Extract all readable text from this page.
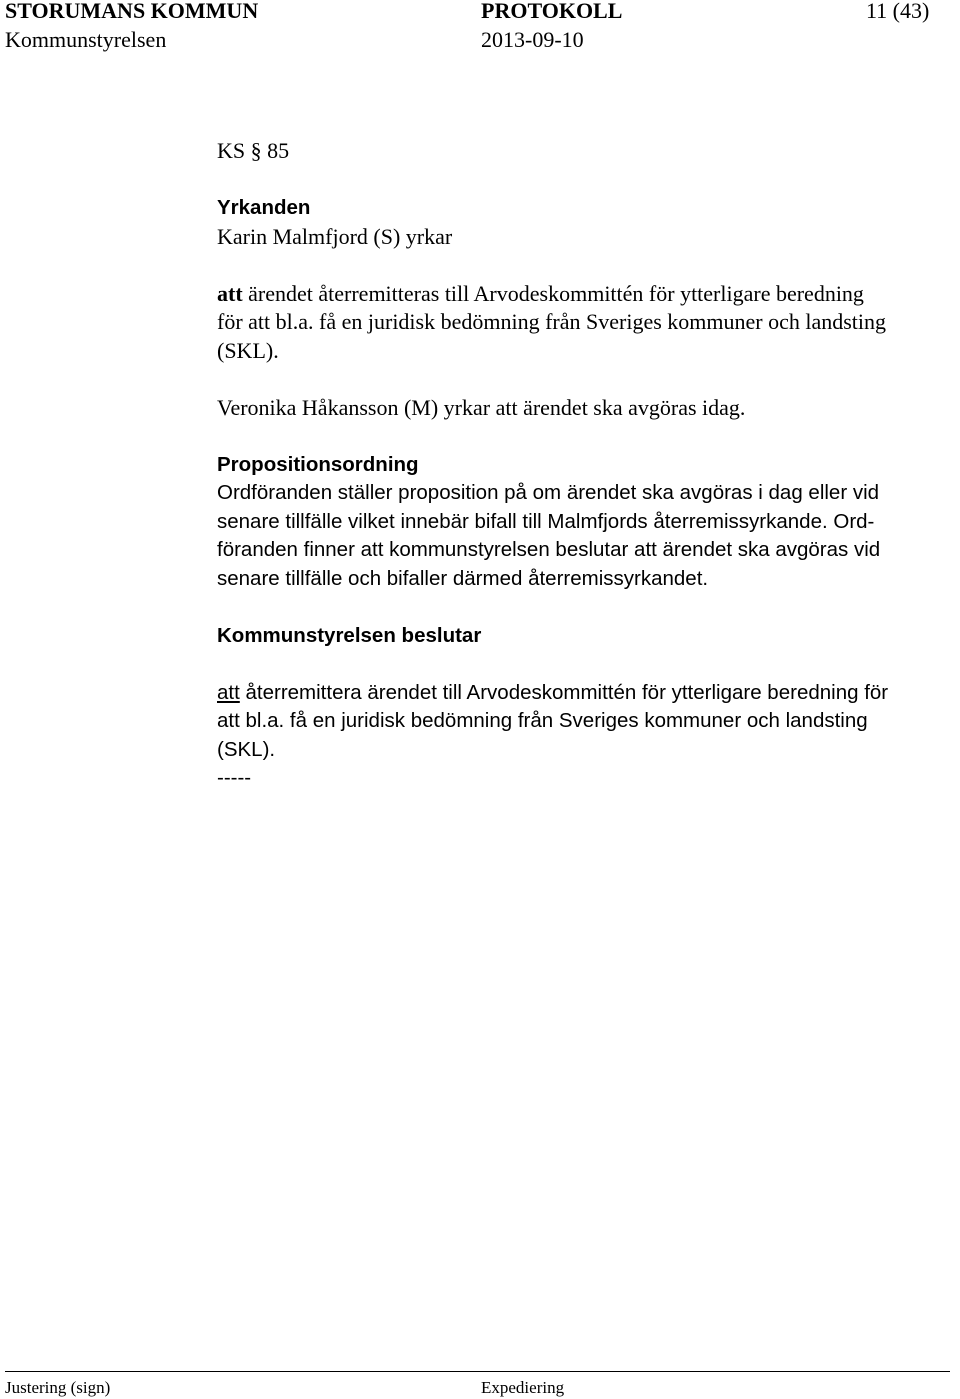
STORUMANS KOMMUN	PROTOKOLL	11 (43)
Kommunstyrelsen	2013-09-10

KS § 85

Yrkanden

Karin Malmfjord (S) yrkar

att ärendet återremitteras till Arvodeskommittén för ytterligare beredning

för att bl.a. få en juridisk bedömning från Sveriges kommuner och landsting

(SKL).

Veronika Håkansson (M) yrkar att ärendet ska avgöras idag.

Propositionsordning

Ordföranden ställer proposition på om ärendet ska avgöras i dag eller vid

senare tillfälle vilket innebär bifall till Malmfjords återremissyrkande. Ord-

föranden finner att kommunstyrelsen beslutar att ärendet ska avgöras vid

senare tillfälle och bifaller därmed återremissyrkandet.

Kommunstyrelsen beslutar

att återremittera ärendet till Arvodeskommittén för ytterligare beredning för

att bl.a. få en juridisk bedömning från Sveriges kommuner och landsting

(SKL).

-----

Justering (sign)	Expediering
